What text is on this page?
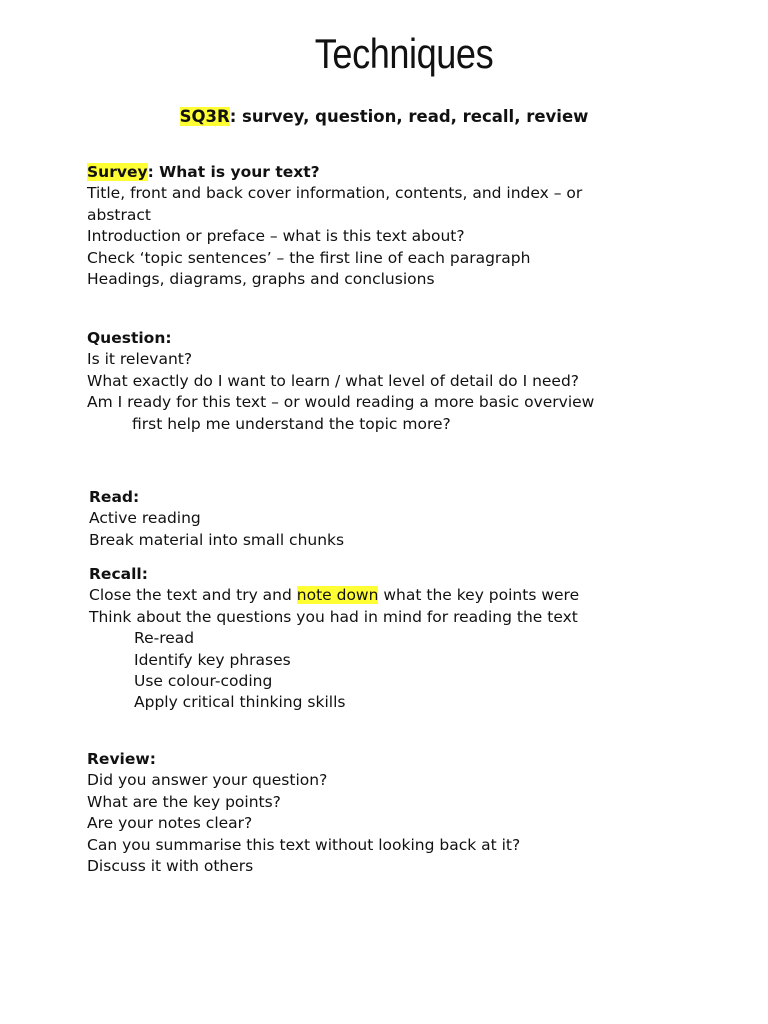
Techniques
SQ3R: survey, question, read, recall, review
Survey: What is your text?
Title, front and back cover information, contents, and index – or abstract
Introduction or preface – what is this text about?
Check ‘topic sentences’ – the first line of each paragraph
Headings, diagrams, graphs and conclusions
Question:
Is it relevant?
What exactly do I want to learn / what level of detail do I need?
Am I ready for this text – or would reading a more basic overview
first help me understand the topic more?
Read:
Active reading
Break material into small chunks
Recall:
Close the text and try and note down what the key points were
Think about the questions you had in mind for reading the text
Re-read
Identify key phrases
Use colour-coding
Apply critical thinking skills
Review:
Did you answer your question?
What are the key points?
Are your notes clear?
Can you summarise this text without looking back at it?
Discuss it with others
